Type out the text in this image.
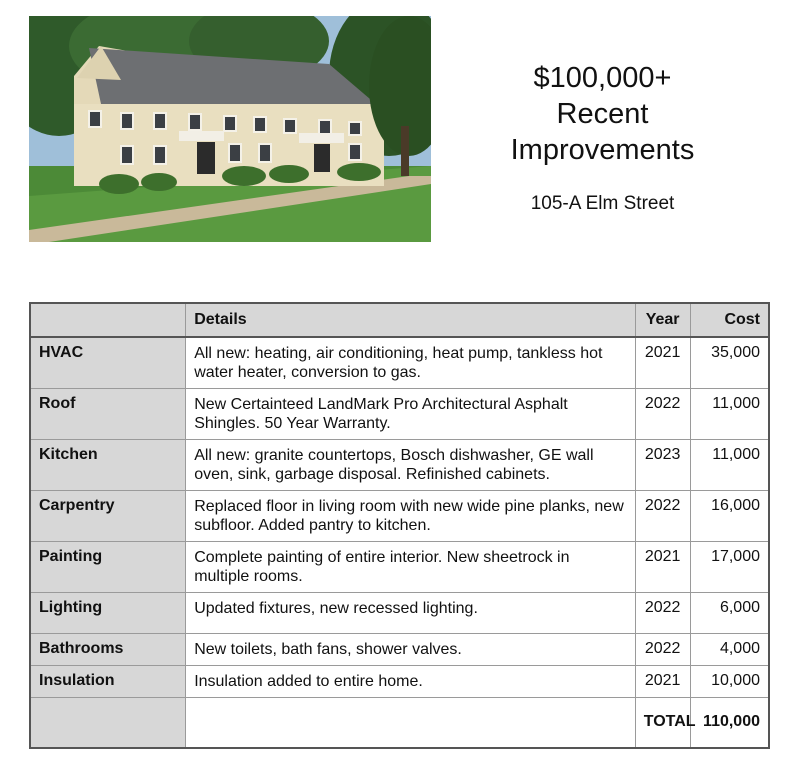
$100,000+
Recent
Improvements
105-A Elm Street
	Details	Year	Cost
HVAC	All new: heating, air conditioning, heat pump, tankless hot water heater, conversion to gas.	2021	35,000
Roof	New Certainteed LandMark Pro Architectural Asphalt Shingles. 50 Year Warranty.	2022	11,000
Kitchen	All new: granite countertops, Bosch dishwasher, GE wall oven, sink, garbage disposal. Refinished cabinets.	2023	11,000
Carpentry	Replaced floor in living room with new wide pine planks, new subfloor. Added pantry to kitchen.	2022	16,000
Painting	Complete painting of entire interior. New sheetrock in multiple rooms.	2021	17,000
Lighting	Updated fixtures, new recessed lighting.	2022	6,000
Bathrooms	New toilets, bath fans, shower valves.	2022	4,000
Insulation	Insulation added to entire home.	2021	10,000
		TOTAL	110,000
